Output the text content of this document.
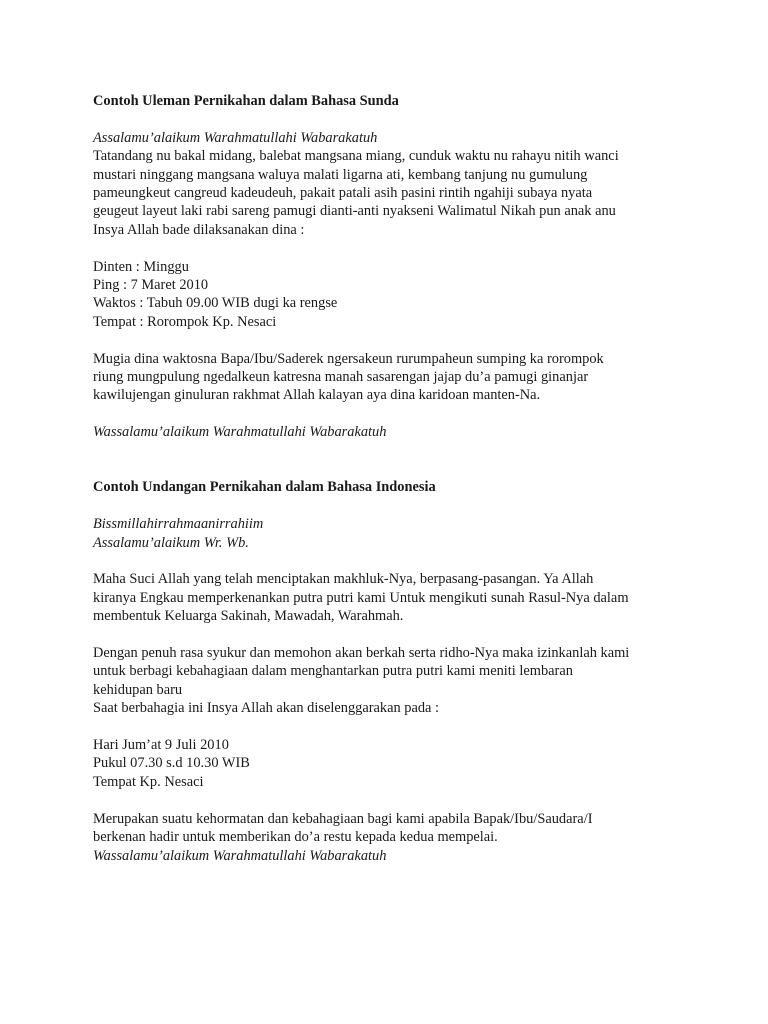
Contoh Uleman Pernikahan dalam Bahasa Sunda

Assalamu’alaikum Warahmatullahi Wabarakatuh

Tatandang nu bakal midang, balebat mangsana miang, cunduk waktu nu rahayu nitih wanci

mustari ninggang mangsana waluya malati ligarna ati, kembang tanjung nu gumulung

pameungkeut cangreud kadeudeuh, pakait patali asih pasini rintih ngahiji subaya nyata

geugeut layeut laki rabi sareng pamugi dianti-anti nyakseni Walimatul Nikah pun anak anu

Insya Allah bade dilaksanakan dina :

Dinten : Minggu

Ping : 7 Maret 2010

Waktos : Tabuh 09.00 WIB dugi ka rengse

Tempat : Rorompok Kp. Nesaci

Mugia dina waktosna Bapa/Ibu/Saderek ngersakeun rurumpaheun sumping ka rorompok

riung mungpulung ngedalkeun katresna manah sasarengan jajap du’a pamugi ginanjar

kawilujengan ginuluran rakhmat Allah kalayan aya dina karidoan manten-Na.

Wassalamu’alaikum Warahmatullahi Wabarakatuh

Contoh Undangan Pernikahan dalam Bahasa Indonesia

Bissmillahirrahmaanirrahiim

Assalamu’alaikum Wr. Wb.

Maha Suci Allah yang telah menciptakan makhluk-Nya, berpasang-pasangan. Ya Allah

kiranya Engkau memperkenankan putra putri kami Untuk mengikuti sunah Rasul-Nya dalam

membentuk Keluarga Sakinah, Mawadah, Warahmah.

Dengan penuh rasa syukur dan memohon akan berkah serta ridho-Nya maka izinkanlah kami

untuk berbagi kebahagiaan dalam menghantarkan putra putri kami meniti lembaran

kehidupan baru

Saat berbahagia ini Insya Allah akan diselenggarakan pada :

Hari Jum’at 9 Juli 2010

Pukul 07.30 s.d 10.30 WIB

Tempat Kp. Nesaci

Merupakan suatu kehormatan dan kebahagiaan bagi kami apabila Bapak/Ibu/Saudara/I

berkenan hadir untuk memberikan do’a restu kepada kedua mempelai.

Wassalamu’alaikum Warahmatullahi Wabarakatuh
